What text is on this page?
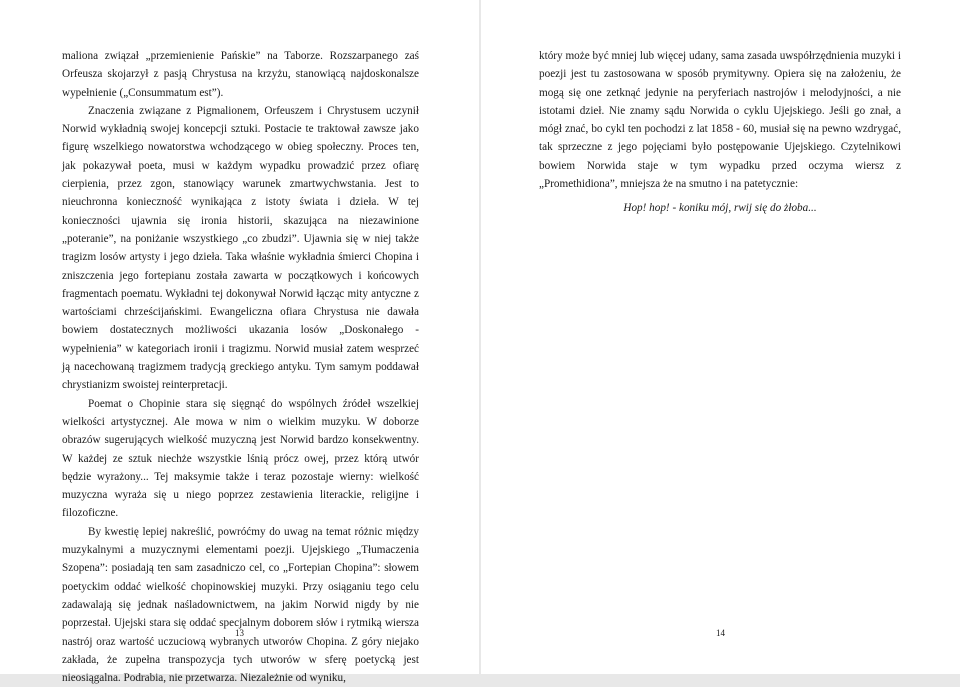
maliona związał „przemienienie Pańskie” na Taborze. Rozszarpanego zaś Orfeusza skojarzył z pasją Chrystusa na krzyżu, stanowiącą najdoskonalsze wypełnienie („Consummatum est”).

Znaczenia związane z Pigmalionem, Orfeuszem i Chrystusem uczynił Norwid wykładnią swojej koncepcji sztuki. Postacie te traktował zawsze jako figurę wszelkiego nowatorstwa wchodzącego w obieg społeczny. Proces ten, jak pokazywał poeta, musi w każdym wypadku prowadzić przez ofiarę cierpienia, przez zgon, stanowiący warunek zmartwychwstania. Jest to nieuchronna konieczność wynikająca z istoty świata i dzieła. W tej konieczności ujawnia się ironia historii, skazująca na niezawinione „poteranie”, na poniżanie wszystkiego „co zbudzi”. Ujawnia się w niej także tragizm losów artysty i jego dzieła. Taka właśnie wykładnia śmierci Chopina i zniszczenia jego fortepianu została zawarta w początkowych i końcowych fragmentach poematu. Wykładni tej dokonywał Norwid łącząc mity antyczne z wartościami chrześcijańskimi. Ewangeliczna ofiara Chrystusa nie dawała bowiem dostatecznych możliwości ukazania losów „Doskonałego - wypełnienia” w kategoriach ironii i tragizmu. Norwid musiał zatem wesprzeć ją nacechowaną tragizmem tradycją greckiego antyku. Tym samym poddawał chrystianizm swoistej reinterpretacji.

Poemat o Chopinie stara się sięgnąć do wspólnych źródeł wszelkiej wielkości artystycznej. Ale mowa w nim o wielkim muzyku. W doborze obrazów sugerujących wielkość muzyczną jest Norwid bardzo konsekwentny. W każdej ze sztuk niechże wszystkie lśnią prócz owej, przez którą utwór będzie wyrażony... Tej maksymie także i teraz pozostaje wierny: wielkość muzyczna wyraża się u niego poprzez zestawienia literackie, religijne i filozoficzne.

By kwestię lepiej nakreślić, powróćmy do uwag na temat różnic między muzykalnymi a muzycznymi elementami poezji. Ujejskiego „Tłumaczenia Szopena”: posiadają ten sam zasadniczo cel, co „Fortepian Chopina”: słowem poetyckim oddać wielkość chopinowskiej muzyki. Przy osiąganiu tego celu zadawalają się jednak naśladownictwem, na jakim Norwid nigdy by nie poprzestał. Ujejski stara się oddać specjalnym doborem słów i rytmiką wiersza nastrój oraz wartość uczuciową wybranych utworów Chopina. Z góry niejako zakłada, że zupełna transpozycja tych utworów w sferę poetycką jest nieosiągalna. Podrabia, nie przetwarza. Niezależnie od wyniku,

13

który może być mniej lub więcej udany, sama zasada uwspółrzędnienia muzyki i poezji jest tu zastosowana w sposób prymitywny. Opiera się na założeniu, że mogą się one zetknąć jedynie na peryferiach nastrojów i melodyjności, a nie istotami dzieł. Nie znamy sądu Norwida o cyklu Ujejskiego. Jeśli go znał, a mógł znać, bo cykl ten pochodzi z lat 1858 - 60, musiał się na pewno wzdrygać, tak sprzeczne z jego pojęciami było postępowanie Ujejskiego. Czytelnikowi bowiem Norwida staje w tym wypadku przed oczyma wiersz z „Promethidiona”, mniejsza że na smutno i na patetycznie:

Hop! hop! - koniku mój, rwij się do żłoba...

14
